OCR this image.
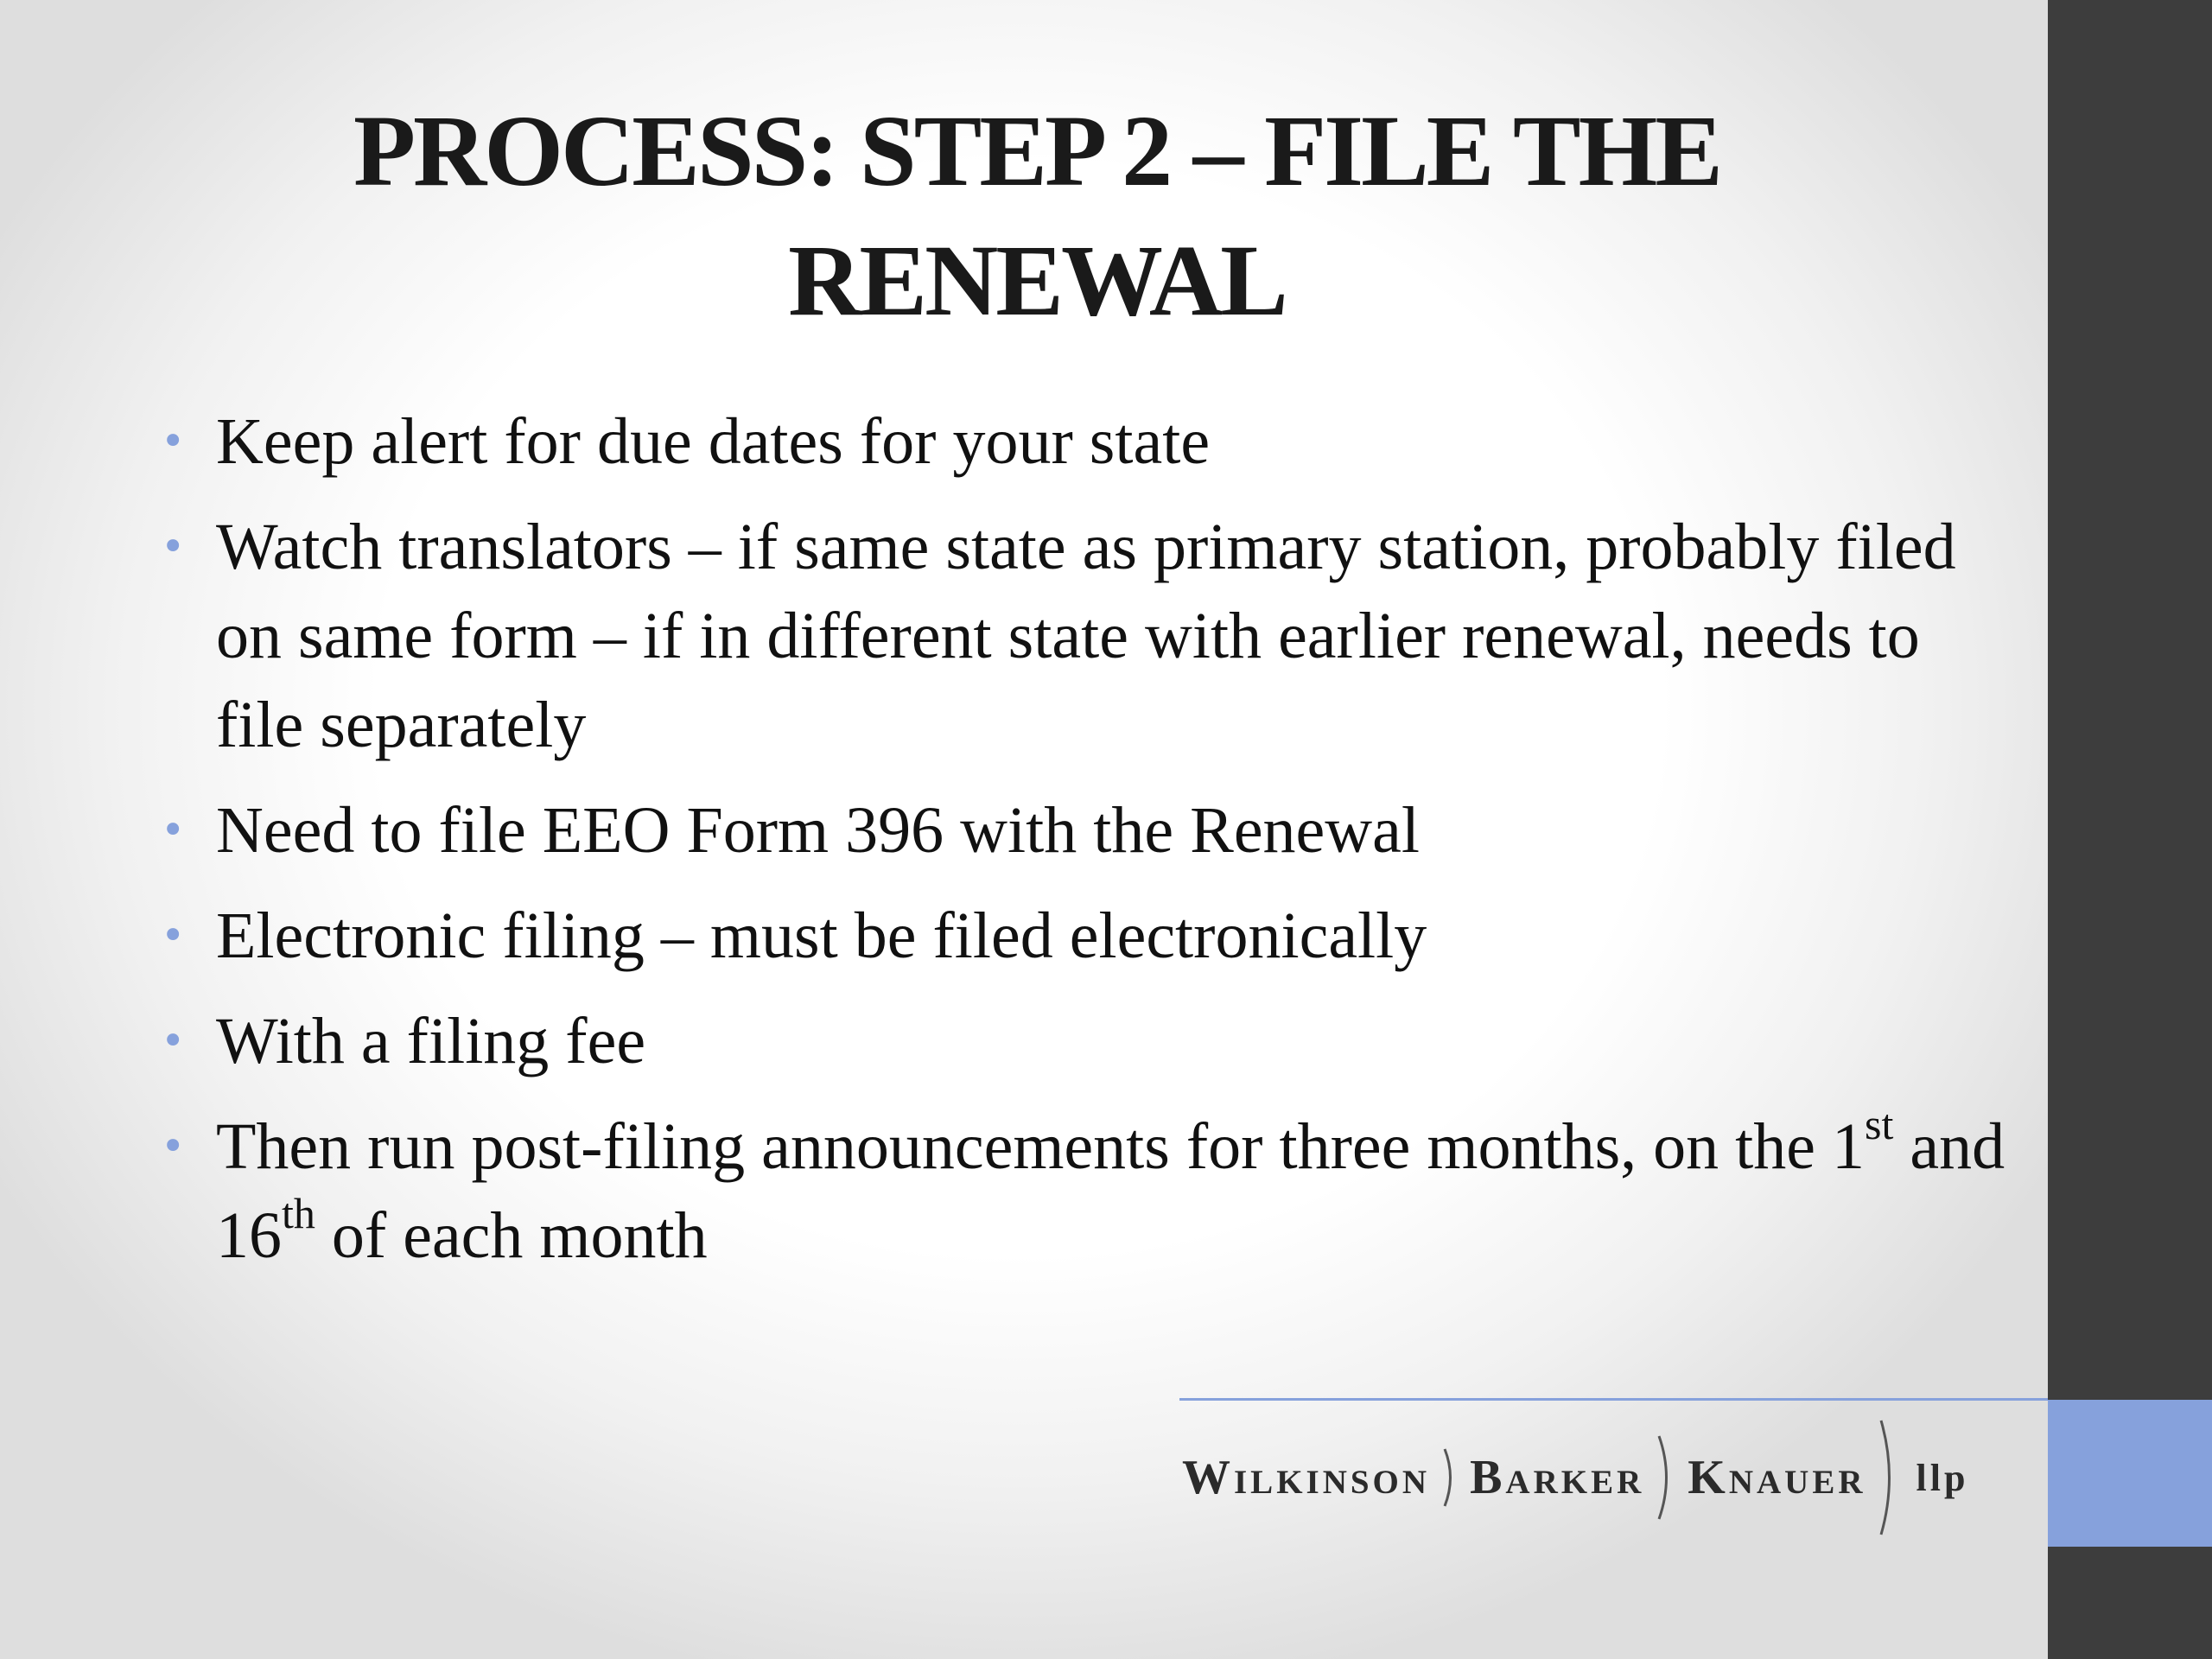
PROCESS: STEP 2 – FILE THE
RENEWAL
• Keep alert for due dates for your state
• Watch translators – if same state as primary station, probably filed on same form – if in different state with earlier renewal, needs to file separately
• Need to file EEO Form 396 with the Renewal
• Electronic filing – must be filed electronically
• With a filing fee
• Then run post-filing announcements for three months, on the 1st and 16th of each month
Wilkinson Barker Knauer llp
